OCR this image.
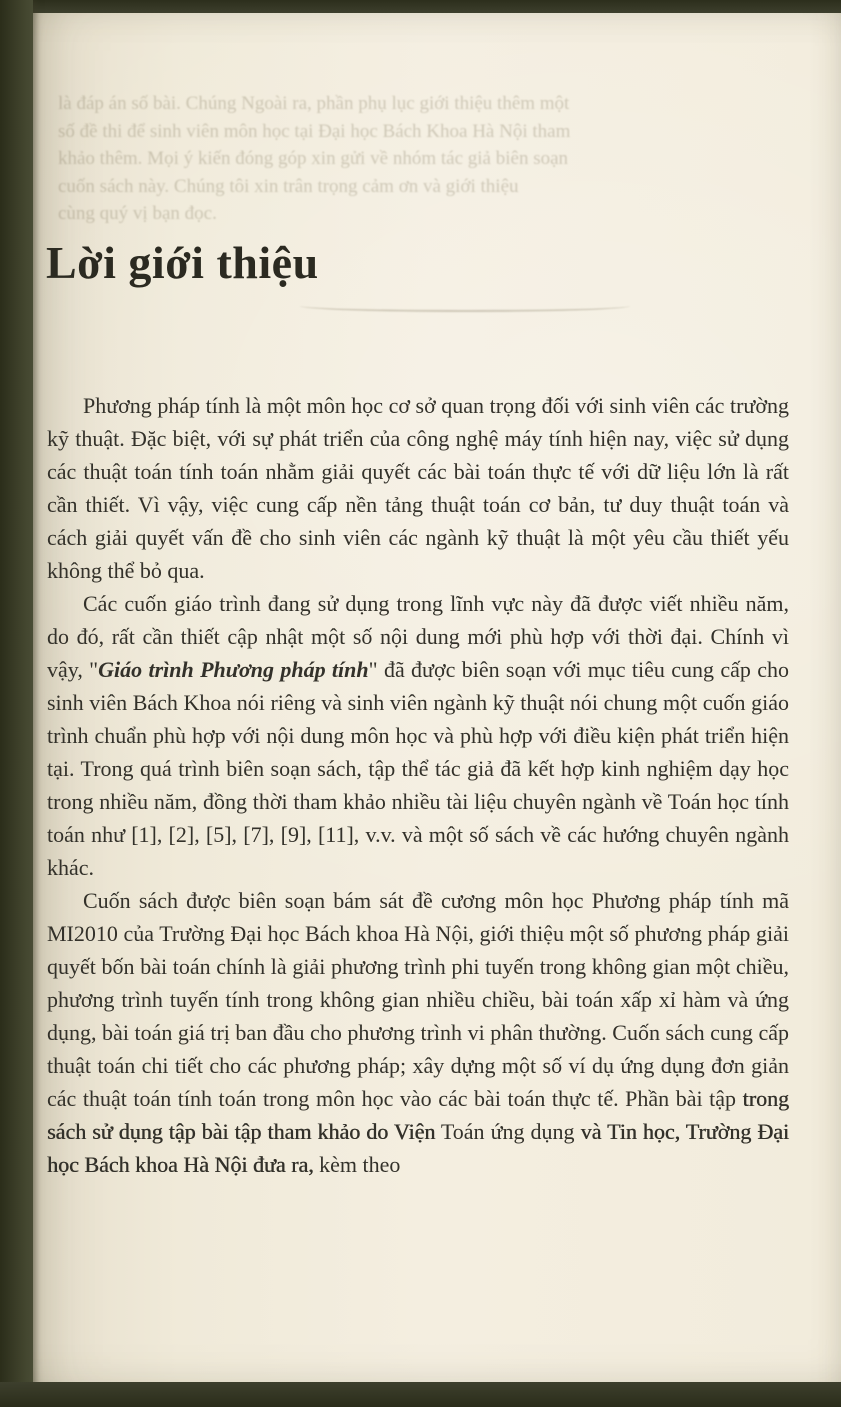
là đáp án số bài. Chúng Ngoài ra, phần phụ lục giới thiệu thêm một
số đề thi để sinh viên môn học tại Đại học Bách Khoa Hà Nội tham
khảo thêm. Mọi ý kiến đóng góp xin gửi về nhóm tác giả biên soạn
cuốn sách này. Chúng tôi xin trân trọng cảm ơn và giới thiệu
cùng quý vị bạn đọc.
Lời giới thiệu

Phương pháp tính là một môn học cơ sở quan trọng đối với sinh viên các trường kỹ thuật. Đặc biệt, với sự phát triển của công nghệ máy tính hiện nay, việc sử dụng các thuật toán tính toán nhằm giải quyết các bài toán thực tế với dữ liệu lớn là rất cần thiết. Vì vậy, việc cung cấp nền tảng thuật toán cơ bản, tư duy thuật toán và cách giải quyết vấn đề cho sinh viên các ngành kỹ thuật là một yêu cầu thiết yếu không thể bỏ qua.

Các cuốn giáo trình đang sử dụng trong lĩnh vực này đã được viết nhiều năm, do đó, rất cần thiết cập nhật một số nội dung mới phù hợp với thời đại. Chính vì vậy, "Giáo trình Phương pháp tính" đã được biên soạn với mục tiêu cung cấp cho sinh viên Bách Khoa nói riêng và sinh viên ngành kỹ thuật nói chung một cuốn giáo trình chuẩn phù hợp với nội dung môn học và phù hợp với điều kiện phát triển hiện tại. Trong quá trình biên soạn sách, tập thể tác giả đã kết hợp kinh nghiệm dạy học trong nhiều năm, đồng thời tham khảo nhiều tài liệu chuyên ngành về Toán học tính toán như [1], [2], [5], [7], [9], [11], v.v. và một số sách về các hướng chuyên ngành khác.

Cuốn sách được biên soạn bám sát đề cương môn học Phương pháp tính mã MI2010 của Trường Đại học Bách khoa Hà Nội, giới thiệu một số phương pháp giải quyết bốn bài toán chính là giải phương trình phi tuyến trong không gian một chiều, phương trình tuyến tính trong không gian nhiều chiều, bài toán xấp xỉ hàm và ứng dụng, bài toán giá trị ban đầu cho phương trình vi phân thường. Cuốn sách cung cấp thuật toán chi tiết cho các phương pháp; xây dựng một số ví dụ ứng dụng đơn giản các thuật toán tính toán trong môn học vào các bài toán thực tế. Phần bài tập trong sách sử dụng tập bài tập tham khảo do Viện Toán ứng dụng và Tin học, Trường Đại học Bách khoa Hà Nội đưa ra, kèm theo
